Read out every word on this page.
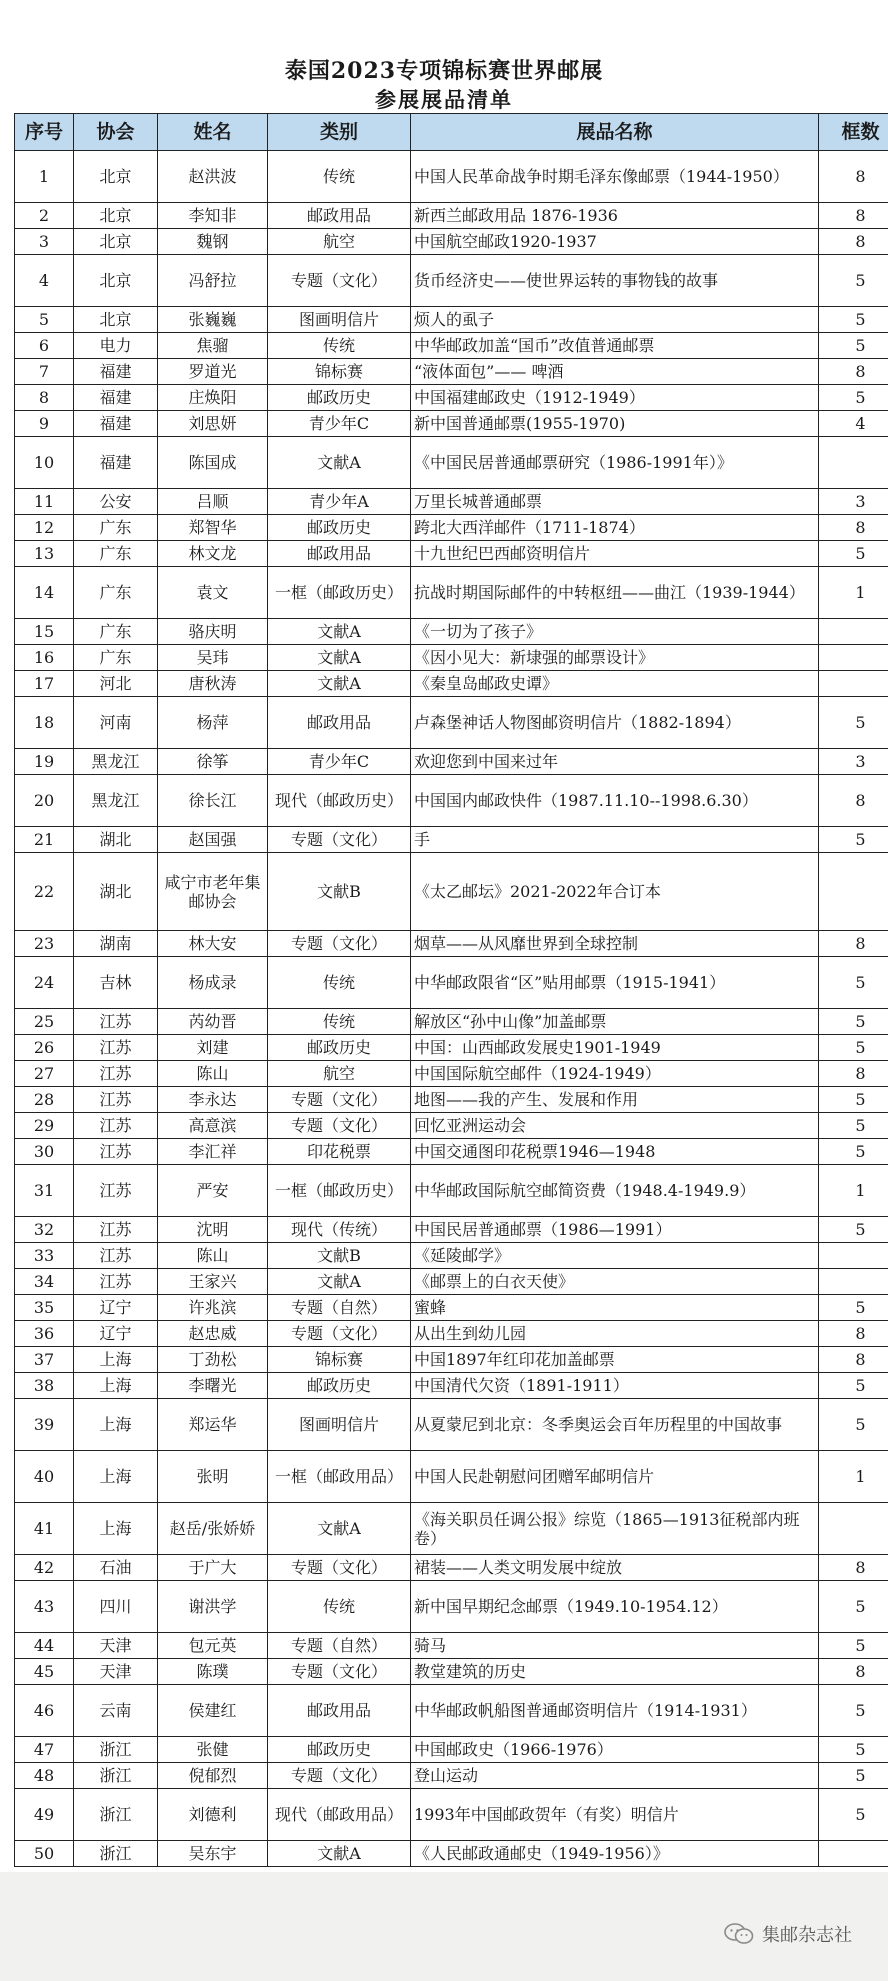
泰国2023专项锦标赛世界邮展
参展展品清单
序号	协会	姓名	类别	展品名称	框数
1	北京	赵洪波	传统	中国人民革命战争时期毛泽东像邮票（1944-1950）	8
2	北京	李知非	邮政用品	新西兰邮政用品 1876-1936	8
3	北京	魏钢	航空	中国航空邮政1920-1937	8
4	北京	冯舒拉	专题（文化）	货币经济史——使世界运转的事物钱的故事	5
5	北京	张巍巍	图画明信片	烦人的虱子	5
6	电力	焦骝	传统	中华邮政加盖“国币”改值普通邮票	5
7	福建	罗道光	锦标赛	“液体面包”—— 啤酒	8
8	福建	庄焕阳	邮政历史	中国福建邮政史（1912-1949）	5
9	福建	刘思妍	青少年C	新中国普通邮票(1955-1970)	4
10	福建	陈国成	文献A	《中国民居普通邮票研究（1986-1991年）》	
11	公安	吕顺	青少年A	万里长城普通邮票	3
12	广东	郑智华	邮政历史	跨北大西洋邮件（1711-1874）	8
13	广东	林文龙	邮政用品	十九世纪巴西邮资明信片	5
14	广东	袁文	一框（邮政历史）	抗战时期国际邮件的中转枢纽——曲江（1939-1944）	1
15	广东	骆庆明	文献A	《一切为了孩子》	
16	广东	吴玮	文献A	《因小见大：新埭强的邮票设计》	
17	河北	唐秋涛	文献A	《秦皇岛邮政史谭》	
18	河南	杨萍	邮政用品	卢森堡神话人物图邮资明信片（1882-1894）	5
19	黑龙江	徐筝	青少年C	欢迎您到中国来过年	3
20	黑龙江	徐长江	现代（邮政历史）	中国国内邮政快件（1987.11.10--1998.6.30）	8
21	湖北	赵国强	专题（文化）	手	5
22	湖北	咸宁市老年集邮协会	文献B	《太乙邮坛》2021-2022年合订本	
23	湖南	林大安	专题（文化）	烟草——从风靡世界到全球控制	8
24	吉林	杨成录	传统	中华邮政限省“区”贴用邮票（1915-1941）	5
25	江苏	芮幼晋	传统	解放区“孙中山像”加盖邮票	5
26	江苏	刘建	邮政历史	中国：山西邮政发展史1901-1949	5
27	江苏	陈山	航空	中国国际航空邮件（1924-1949）	8
28	江苏	李永达	专题（文化）	地图——我的产生、发展和作用	5
29	江苏	高意滨	专题（文化）	回忆亚洲运动会	5
30	江苏	李汇祥	印花税票	中国交通图印花税票1946—1948	5
31	江苏	严安	一框（邮政历史）	中华邮政国际航空邮简资费（1948.4-1949.9）	1
32	江苏	沈明	现代（传统）	中国民居普通邮票（1986—1991）	5
33	江苏	陈山	文献B	《延陵邮学》	
34	江苏	王家兴	文献A	《邮票上的白衣天使》	
35	辽宁	许兆滨	专题（自然）	蜜蜂	5
36	辽宁	赵忠威	专题（文化）	从出生到幼儿园	8
37	上海	丁劲松	锦标赛	中国1897年红印花加盖邮票	8
38	上海	李曙光	邮政历史	中国清代欠资（1891-1911）	5
39	上海	郑运华	图画明信片	从夏蒙尼到北京：冬季奥运会百年历程里的中国故事	5
40	上海	张明	一框（邮政用品）	中国人民赴朝慰问团赠军邮明信片	1
41	上海	赵岳/张娇娇	文献A	《海关职员任调公报》综览（1865—1913征税部内班卷）	
42	石油	于广大	专题（文化）	裙装——人类文明发展中绽放	8
43	四川	谢洪学	传统	新中国早期纪念邮票（1949.10-1954.12）	5
44	天津	包元英	专题（自然）	骑马	5
45	天津	陈璞	专题（文化）	教堂建筑的历史	8
46	云南	侯建红	邮政用品	中华邮政帆船图普通邮资明信片（1914-1931）	5
47	浙江	张健	邮政历史	中国邮政史（1966-1976）	5
48	浙江	倪郁烈	专题（文化）	登山运动	5
49	浙江	刘德利	现代（邮政用品）	1993年中国邮政贺年（有奖）明信片	5
50	浙江	吴东宇	文献A	《人民邮政通邮史（1949-1956）》	
集邮杂志社
